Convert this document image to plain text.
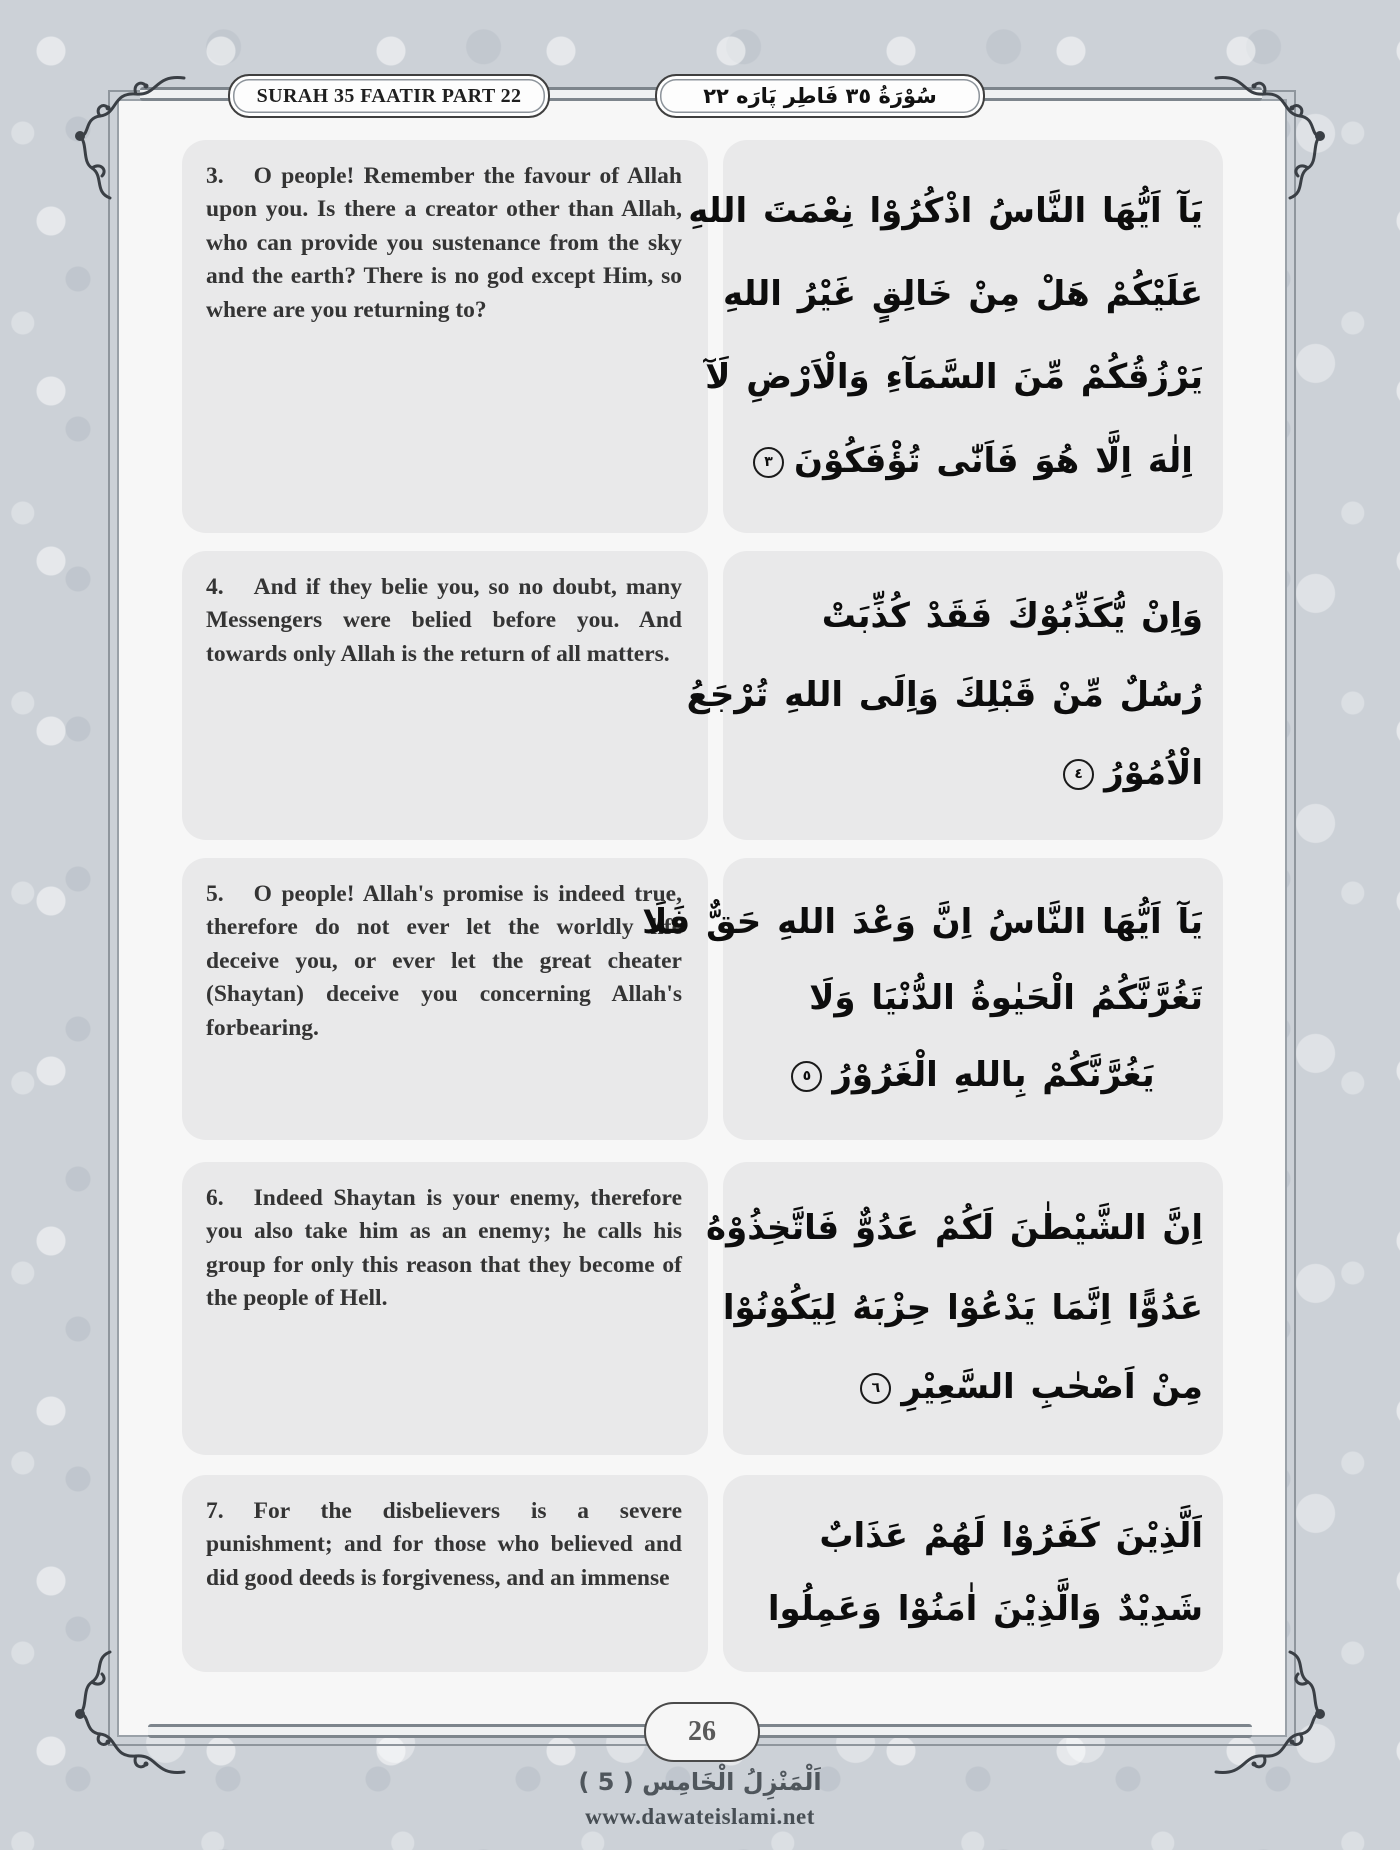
SURAH 35 FAATIR PART 22	سُوْرَةُ ٣٥ فَاطِر پَارَه ٢٢

3. O people! Remember the favour of Allah upon you. Is there a creator other than Allah, who can provide you sustenance from the sky and the earth? There is no god except Him, so where are you returning to?

يَآ اَيُّهَا النَّاسُ اذْكُرُوْا نِعْمَتَ اللهِ
عَلَيْكُمْ هَلْ مِنْ خَالِقٍ غَيْرُ اللهِ
يَرْزُقُكُمْ مِّنَ السَّمَآءِ وَالْاَرْضِ لَآ
اِلٰهَ اِلَّا هُوَ فَاَنّٰى تُؤْفَكُوْنَ٣

4. And if they belie you, so no doubt, many Messengers were belied before you. And towards only Allah is the return of all matters.

وَاِنْ يُّكَذِّبُوْكَ فَقَدْ كُذِّبَتْ
رُسُلٌ مِّنْ قَبْلِكَ وَاِلَى اللهِ تُرْجَعُ
الْاُمُوْرُ٤

5. O people! Allah's promise is indeed true, therefore do not ever let the worldly life deceive you, or ever let the great cheater (Shaytan) deceive you concerning Allah's forbearing.

يَآ اَيُّهَا النَّاسُ اِنَّ وَعْدَ اللهِ حَقٌّ فَلَا
تَغُرَّنَّكُمُ الْحَيٰوةُ الدُّنْيَا وَلَا
يَغُرَّنَّكُمْ بِاللهِ الْغَرُوْرُ٥

6. Indeed Shaytan is your enemy, therefore you also take him as an enemy; he calls his group for only this reason that they become of the people of Hell.

اِنَّ الشَّيْطٰنَ لَكُمْ عَدُوٌّ فَاتَّخِذُوْهُ
عَدُوًّا اِنَّمَا يَدْعُوْا حِزْبَهُ لِيَكُوْنُوْا
مِنْ اَصْحٰبِ السَّعِيْرِ٦

7. For the disbelievers is a severe punishment; and for those who believed and did good deeds is forgiveness, and an immense

اَلَّذِيْنَ كَفَرُوْا لَهُمْ عَذَابٌ
شَدِيْدٌ وَالَّذِيْنَ اٰمَنُوْا وَعَمِلُوا
26
اَلْمَنْزِلُ الْخَامِس ( 5 )
www.dawateislami.net
